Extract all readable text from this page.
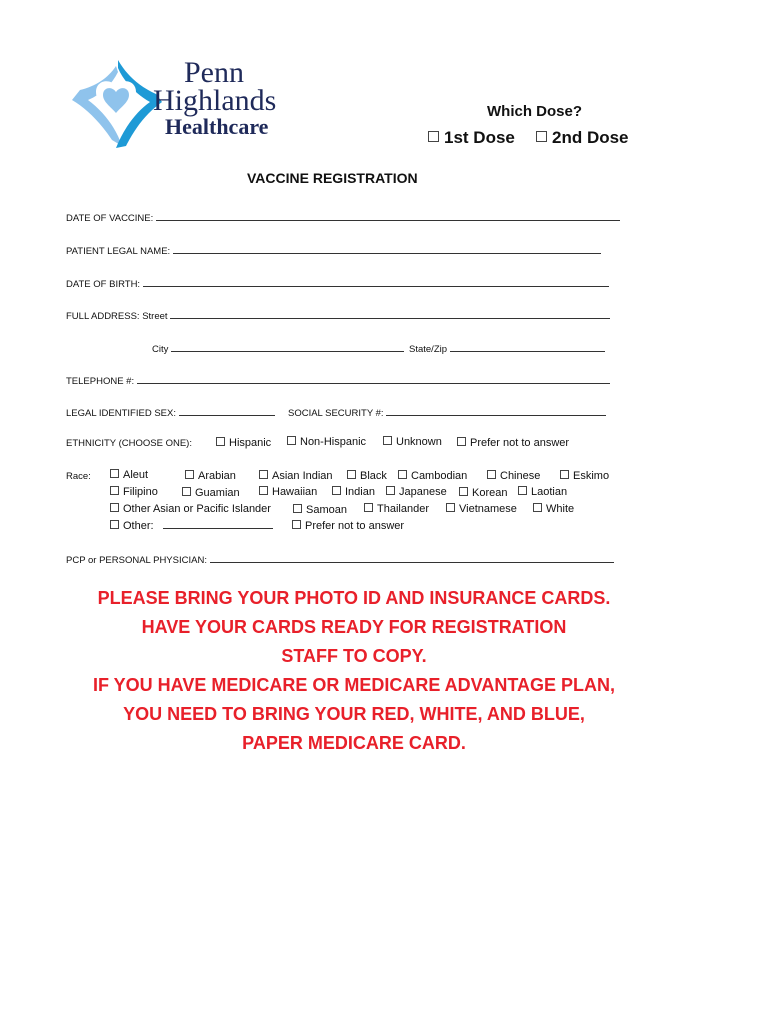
Penn
Highlands
Healthcare
Which Dose?
1st Dose	2nd Dose
VACCINE REGISTRATION
DATE OF VACCINE:
PATIENT LEGAL NAME:
DATE OF BIRTH:
FULL ADDRESS: Street
City	State/Zip
TELEPHONE #:
LEGAL IDENTIFIED SEX:	SOCIAL SECURITY #:
ETHNICITY (CHOOSE ONE):	Hispanic	Non-Hispanic	Unknown	Prefer not to answer
Race:	Aleut	Arabian	Asian Indian	Black	Cambodian	Chinese	Eskimo
Filipino	Guamian	Hawaiian	Indian	Japanese	Korean	Laotian
Other Asian or Pacific Islander	Samoan	Thailander	Vietnamese	White
Other:	Prefer not to answer
PCP or PERSONAL PHYSICIAN:
PLEASE BRING YOUR PHOTO ID AND INSURANCE CARDS.
HAVE YOUR CARDS READY FOR REGISTRATION
STAFF TO COPY.
IF YOU HAVE MEDICARE OR MEDICARE ADVANTAGE PLAN,
YOU NEED TO BRING YOUR RED, WHITE, AND BLUE,
PAPER MEDICARE CARD.
